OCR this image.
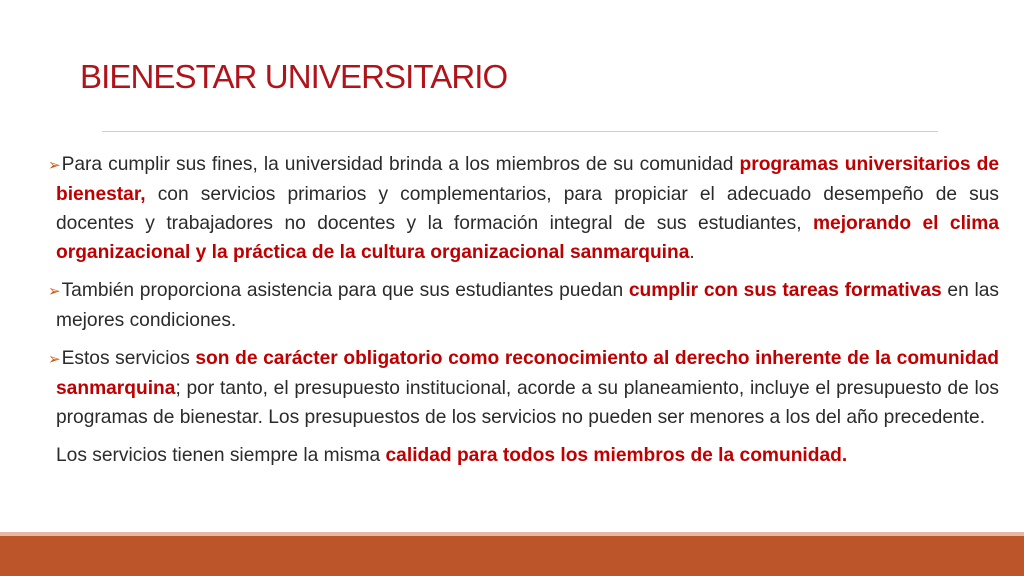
BIENESTAR UNIVERSITARIO

➢Para cumplir sus fines, la universidad brinda a los miembros de su comunidad programas universitarios de bienestar, con servicios primarios y complementarios, para propiciar el adecuado desempeño de sus docentes y trabajadores no docentes y la formación integral de sus estudiantes, mejorando el clima organizacional y la práctica de la cultura organizacional sanmarquina.

➢También proporciona asistencia para que sus estudiantes puedan cumplir con sus tareas formativas en las mejores condiciones.

➢Estos servicios son de carácter obligatorio como reconocimiento al derecho inherente de la comunidad sanmarquina; por tanto, el presupuesto institucional, acorde a su planeamiento, incluye el presupuesto de los programas de bienestar. Los presupuestos de los servicios no pueden ser menores a los del año precedente.

Los servicios tienen siempre la misma calidad para todos los miembros de la comunidad.
